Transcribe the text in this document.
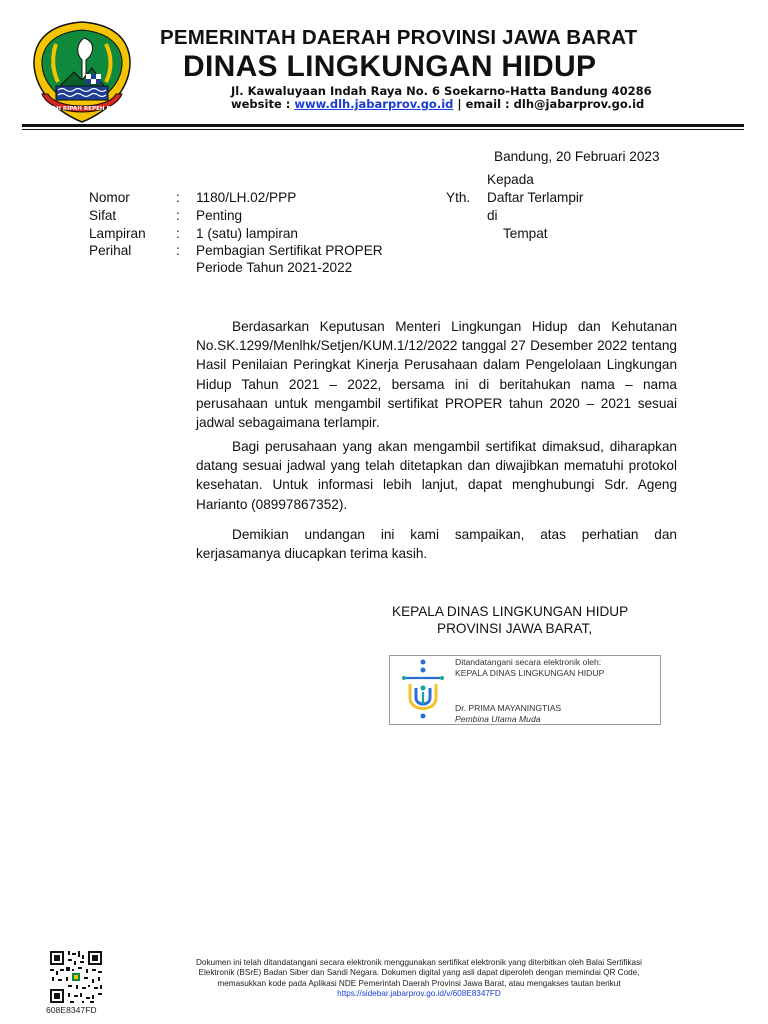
GEMAH RIPAH REPEH RAPIH
PEMERINTAH DAERAH PROVINSI JAWA BARAT
DINAS LINGKUNGAN HIDUP
Jl. Kawaluyaan Indah Raya No. 6 Soekarno-Hatta Bandung 40286
website : www.dlh.jabarprov.go.id | email : dlh@jabarprov.go.id
Bandung, 20 Februari 2023
Kepada
Yth. Daftar Terlampir
di
Tempat
Nomor	: 1180/LH.02/PPP
Sifat	: Penting
Lampiran : 1 (satu) lampiran
Perihal	: Pembagian Sertifikat PROPER
Periode Tahun 2021-2022
Berdasarkan Keputusan Menteri Lingkungan Hidup dan Kehutanan No.SK.1299/Menlhk/Setjen/KUM.1/12/2022 tanggal 27 Desember 2022 tentang Hasil Penilaian Peringkat Kinerja Perusahaan dalam Pengelolaan Lingkungan Hidup Tahun 2021 – 2022, bersama ini di beritahukan nama – nama perusahaan untuk mengambil sertifikat PROPER tahun 2020 – 2021 sesuai jadwal sebagaimana terlampir.
Bagi perusahaan yang akan mengambil sertifikat dimaksud, diharapkan datang sesuai jadwal yang telah ditetapkan dan diwajibkan mematuhi protokol kesehatan. Untuk informasi lebih lanjut, dapat menghubungi Sdr. Ageng Harianto (08997867352).
Demikian undangan ini kami sampaikan, atas perhatian dan kerjasamanya diucapkan terima kasih.
KEPALA DINAS LINGKUNGAN HIDUP
PROVINSI JAWA BARAT,
Ditandatangani secara elektronik oleh:
KEPALA DINAS LINGKUNGAN HIDUP
Dr. PRIMA MAYANINGTIAS
Pembina Utama Muda
608E8347FD
Dokumen ini telah ditandatangani secara elektronik menggunakan sertifikat elektronik yang diterbitkan oleh Balai Sertifikasi
Elektronik (BSrE) Badan Siber dan Sandi Negara. Dokumen digital yang asli dapat diperoleh dengan memindai QR Code,
memasukkan kode pada Aplikasi NDE Pemerintah Daerah Provinsi Jawa Barat, atau mengakses tautan berikut
https://sidebar.jabarprov.go.id/v/608E8347FD
